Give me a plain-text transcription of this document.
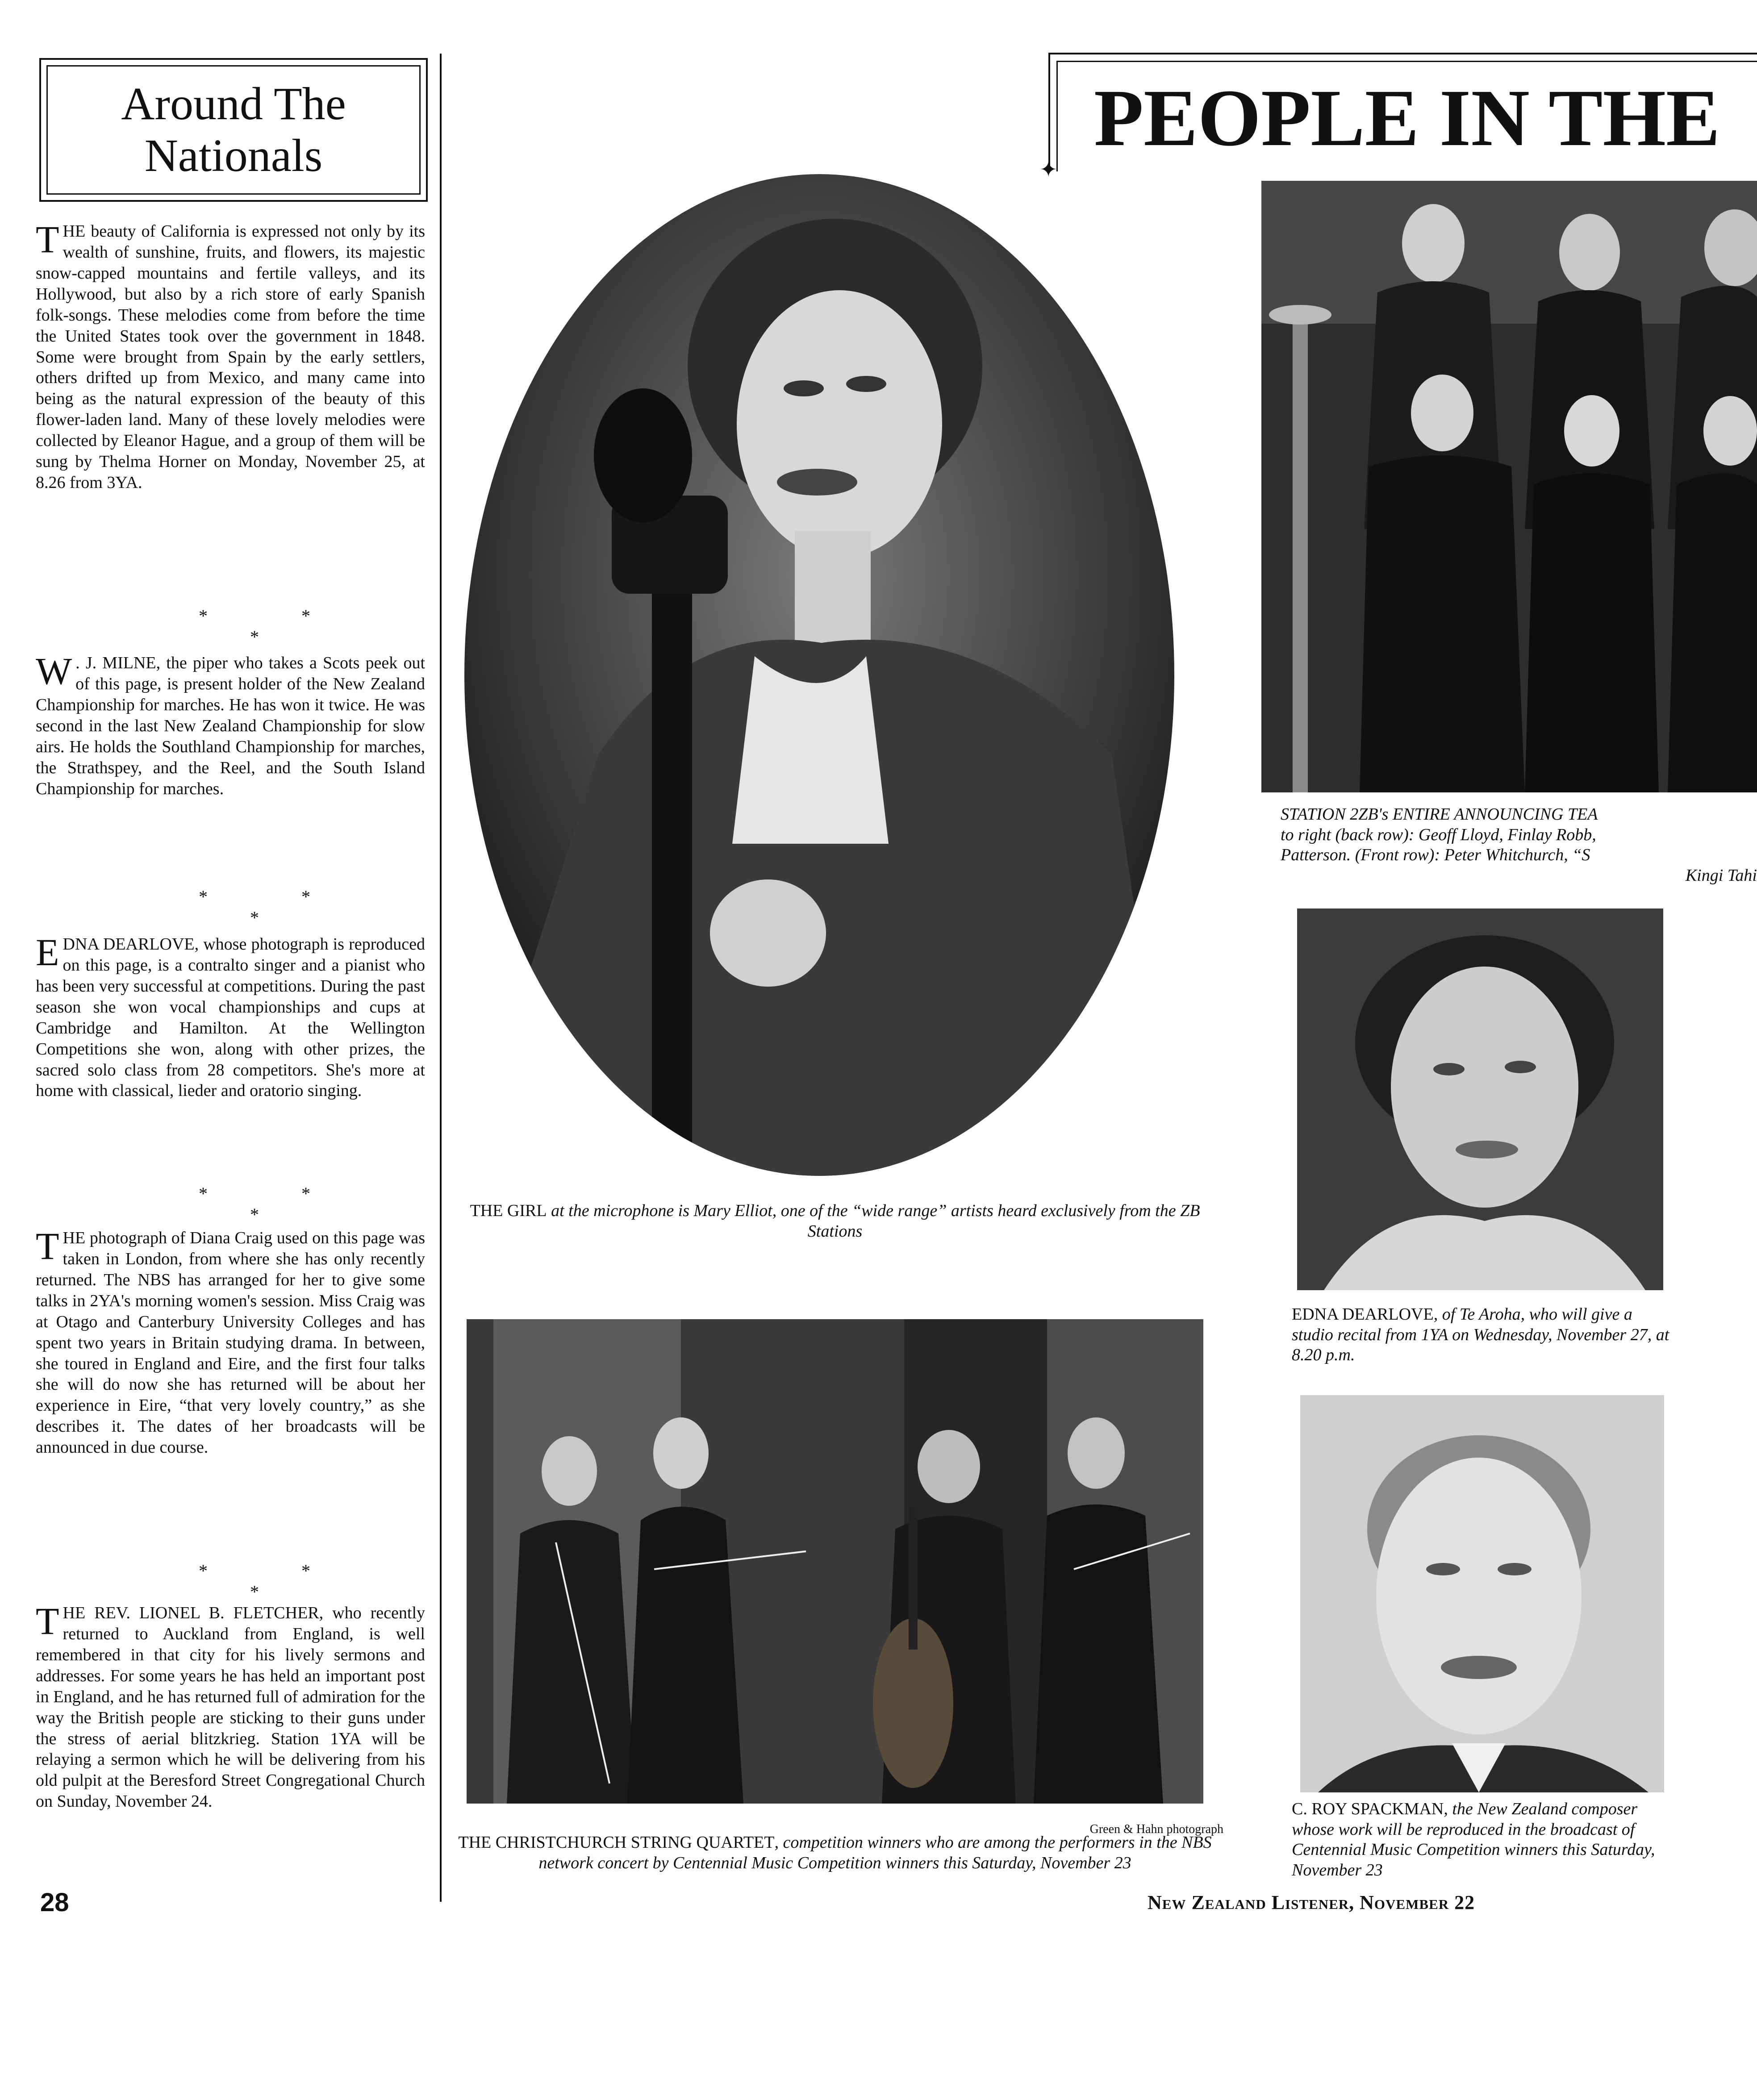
Around The
Nationals

THE beauty of California is expressed not only by its wealth of sunshine, fruits, and flowers, its majestic snow-capped mountains and fertile valleys, and its Hollywood, but also by a rich store of early Spanish folk-songs. These melodies come from before the time the United States took over the government in 1848. Some were brought from Spain by the early settlers, others drifted up from Mexico, and many came into being as the natural expression of the beauty of this flower-laden land. Many of these lovely melodies were collected by Eleanor Hague, and a group of them will be sung by Thelma Horner on Monday, November 25, at 8.26 from 3YA.

* * *

W . J. MILNE, the piper who takes a Scots peek out of this page, is present holder of the New Zealand Championship for marches. He has won it twice. He was second in the last New Zealand Championship for slow airs. He holds the Southland Championship for marches, the Strathspey, and the Reel, and the South Island Championship for marches.

* * *

EDNA DEARLOVE, whose photograph is reproduced on this page, is a contralto singer and a pianist who has been very successful at competitions. During the past season she won vocal championships and cups at Cambridge and Hamilton. At the Wellington Competitions she won, along with other prizes, the sacred solo class from 28 competitors. She's more at home with classical, lieder and oratorio singing.

* * *

THE photograph of Diana Craig used on this page was taken in London, from where she has only recently returned. The NBS has arranged for her to give some talks in 2YA's morning women's session. Miss Craig was at Otago and Canterbury University Colleges and has spent two years in Britain studying drama. In between, she toured in England and Eire, and the first four talks she will do now she has returned will be about her experience in Eire, “that very lovely country,” as she describes it. The dates of her broadcasts will be announced in due course.

* * *

THE REV. LIONEL B. FLETCHER, who recently returned to Auckland from England, is well remembered in that city for his lively sermons and addresses. For some years he has held an important post in England, and he has returned full of admiration for the way the British people are sticking to their guns under the stress of aerial blitzkrieg. Station 1YA will be relaying a sermon which he will be delivering from his old pulpit at the Beresford Street Congregational Church on Sunday, November 24.

PEOPLE IN THE
✦
THE GIRL at the microphone is Mary Elliot, one of the “wide range” artists heard exclusively from the ZB Stations
Green & Hahn photograph
THE CHRISTCHURCH STRING QUARTET, competition winners who are among the performers in the NBS network concert by Centennial Music Competition winners this Saturday, November 23
STATION 2ZB's ENTIRE ANNOUNCING TEA
to right (back row): Geoff Lloyd, Finlay Robb,
Patterson. (Front row): Peter Whitchurch, “S
Kingi Tahi
EDNA DEARLOVE, of Te Aroha, who will give a studio recital from 1YA on Wednesday, November 27, at 8.20 p.m.
C. ROY SPACKMAN, the New Zealand composer whose work will be reproduced in the broadcast of Centennial Music Competition winners this Saturday, November 23
28	New Zealand Listener, November 22
